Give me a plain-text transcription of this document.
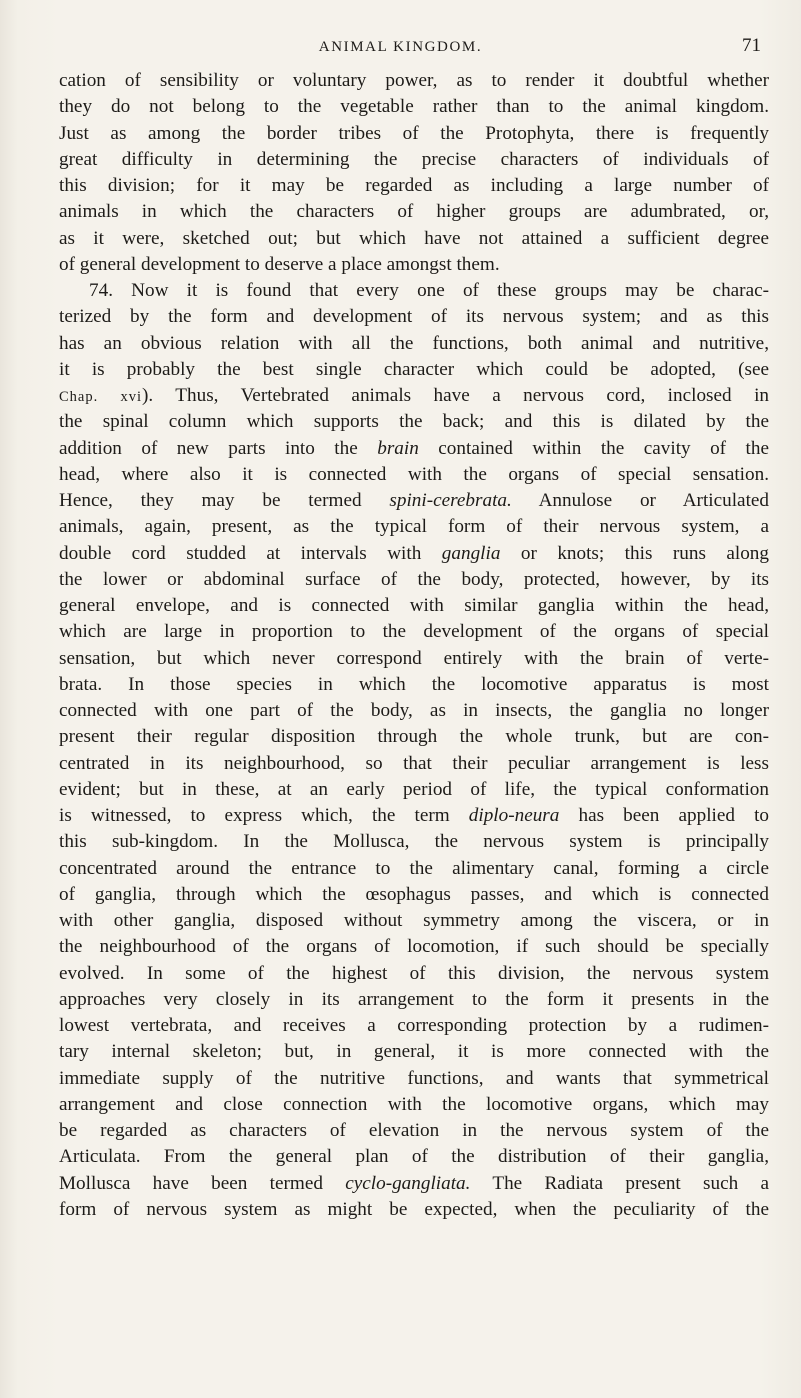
ANIMAL KINGDOM.	71
cation of sensibility or voluntary power, as to render it doubtful whether
they do not belong to the vegetable rather than to the animal kingdom.
Just as among the border tribes of the Protophyta, there is frequently
great difficulty in determining the precise characters of individuals of
this division; for it may be regarded as including a large number of
animals in which the characters of higher groups are adumbrated, or,
as it were, sketched out; but which have not attained a sufficient degree
of general development to deserve a place amongst them.
74. Now it is found that every one of these groups may be charac-
terized by the form and development of its nervous system; and as this
has an obvious relation with all the functions, both animal and nutritive,
it is probably the best single character which could be adopted, (see
Chap. xvi). Thus, Vertebrated animals have a nervous cord, inclosed in
the spinal column which supports the back; and this is dilated by the
addition of new parts into the brain contained within the cavity of the
head, where also it is connected with the organs of special sensation.
Hence, they may be termed spini-cerebrata. Annulose or Articulated
animals, again, present, as the typical form of their nervous system, a
double cord studded at intervals with ganglia or knots; this runs along
the lower or abdominal surface of the body, protected, however, by its
general envelope, and is connected with similar ganglia within the head,
which are large in proportion to the development of the organs of special
sensation, but which never correspond entirely with the brain of verte-
brata. In those species in which the locomotive apparatus is most
connected with one part of the body, as in insects, the ganglia no longer
present their regular disposition through the whole trunk, but are con-
centrated in its neighbourhood, so that their peculiar arrangement is less
evident; but in these, at an early period of life, the typical conformation
is witnessed, to express which, the term diplo-neura has been applied to
this sub-kingdom. In the Mollusca, the nervous system is principally
concentrated around the entrance to the alimentary canal, forming a circle
of ganglia, through which the œsophagus passes, and which is connected
with other ganglia, disposed without symmetry among the viscera, or in
the neighbourhood of the organs of locomotion, if such should be specially
evolved. In some of the highest of this division, the nervous system
approaches very closely in its arrangement to the form it presents in the
lowest vertebrata, and receives a corresponding protection by a rudimen-
tary internal skeleton; but, in general, it is more connected with the
immediate supply of the nutritive functions, and wants that symmetrical
arrangement and close connection with the locomotive organs, which may
be regarded as characters of elevation in the nervous system of the
Articulata. From the general plan of the distribution of their ganglia,
Mollusca have been termed cyclo-gangliata. The Radiata present such a
form of nervous system as might be expected, when the peculiarity of the
